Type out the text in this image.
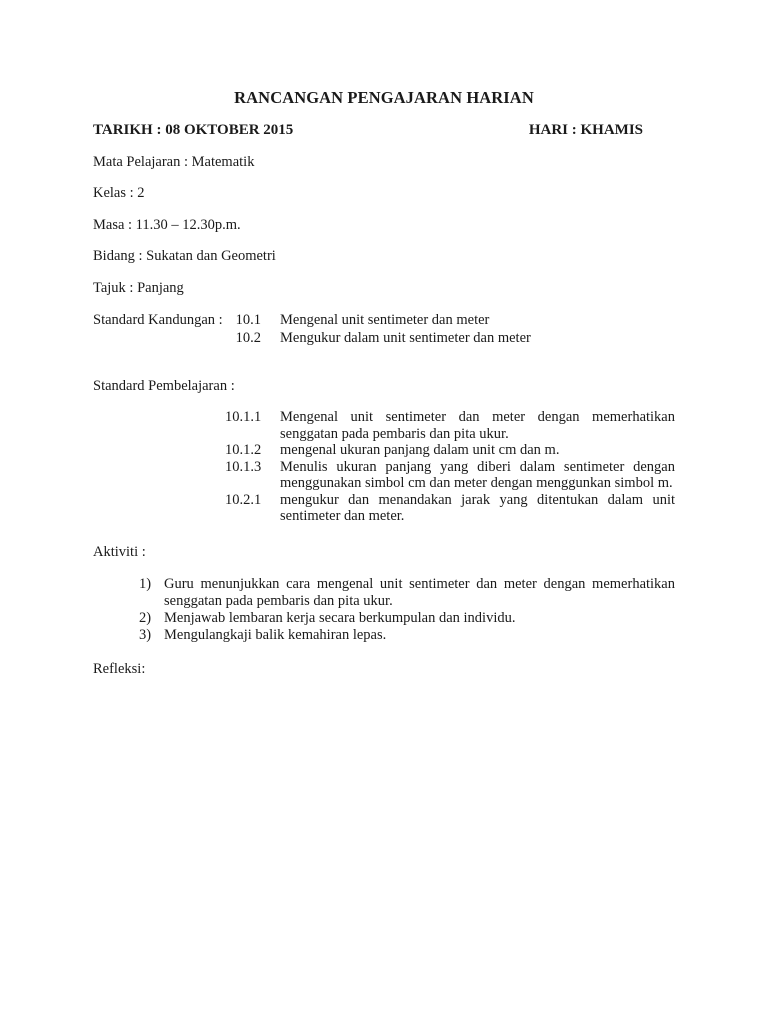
RANCANGAN PENGAJARAN HARIAN
TARIKH : 08 OKTOBER 2015	HARI : KHAMIS
Mata Pelajaran : Matematik
Kelas : 2
Masa : 11.30 – 12.30p.m.
Bidang : Sukatan dan Geometri
Tajuk : Panjang
Standard Kandungan : 10.1 Mengenal unit sentimeter dan meter
10.2 Mengukur dalam unit sentimeter dan meter
Standard Pembelajaran :
10.1.1	Mengenal unit sentimeter dan meter dengan memerhatikan senggatan pada pembaris dan pita ukur.
10.1.2	mengenal ukuran panjang dalam unit cm dan m.
10.1.3	Menulis ukuran panjang yang diberi dalam sentimeter dengan menggunakan simbol cm dan meter dengan menggunkan simbol m.
10.2.1	mengukur dan menandakan jarak yang ditentukan dalam unit sentimeter dan meter.
Aktiviti :
1) Guru menunjukkan cara mengenal unit sentimeter dan meter dengan memerhatikan senggatan pada pembaris dan pita ukur.
2) Menjawab lembaran kerja secara berkumpulan dan individu.
3) Mengulangkaji balik kemahiran lepas.
Refleksi:
